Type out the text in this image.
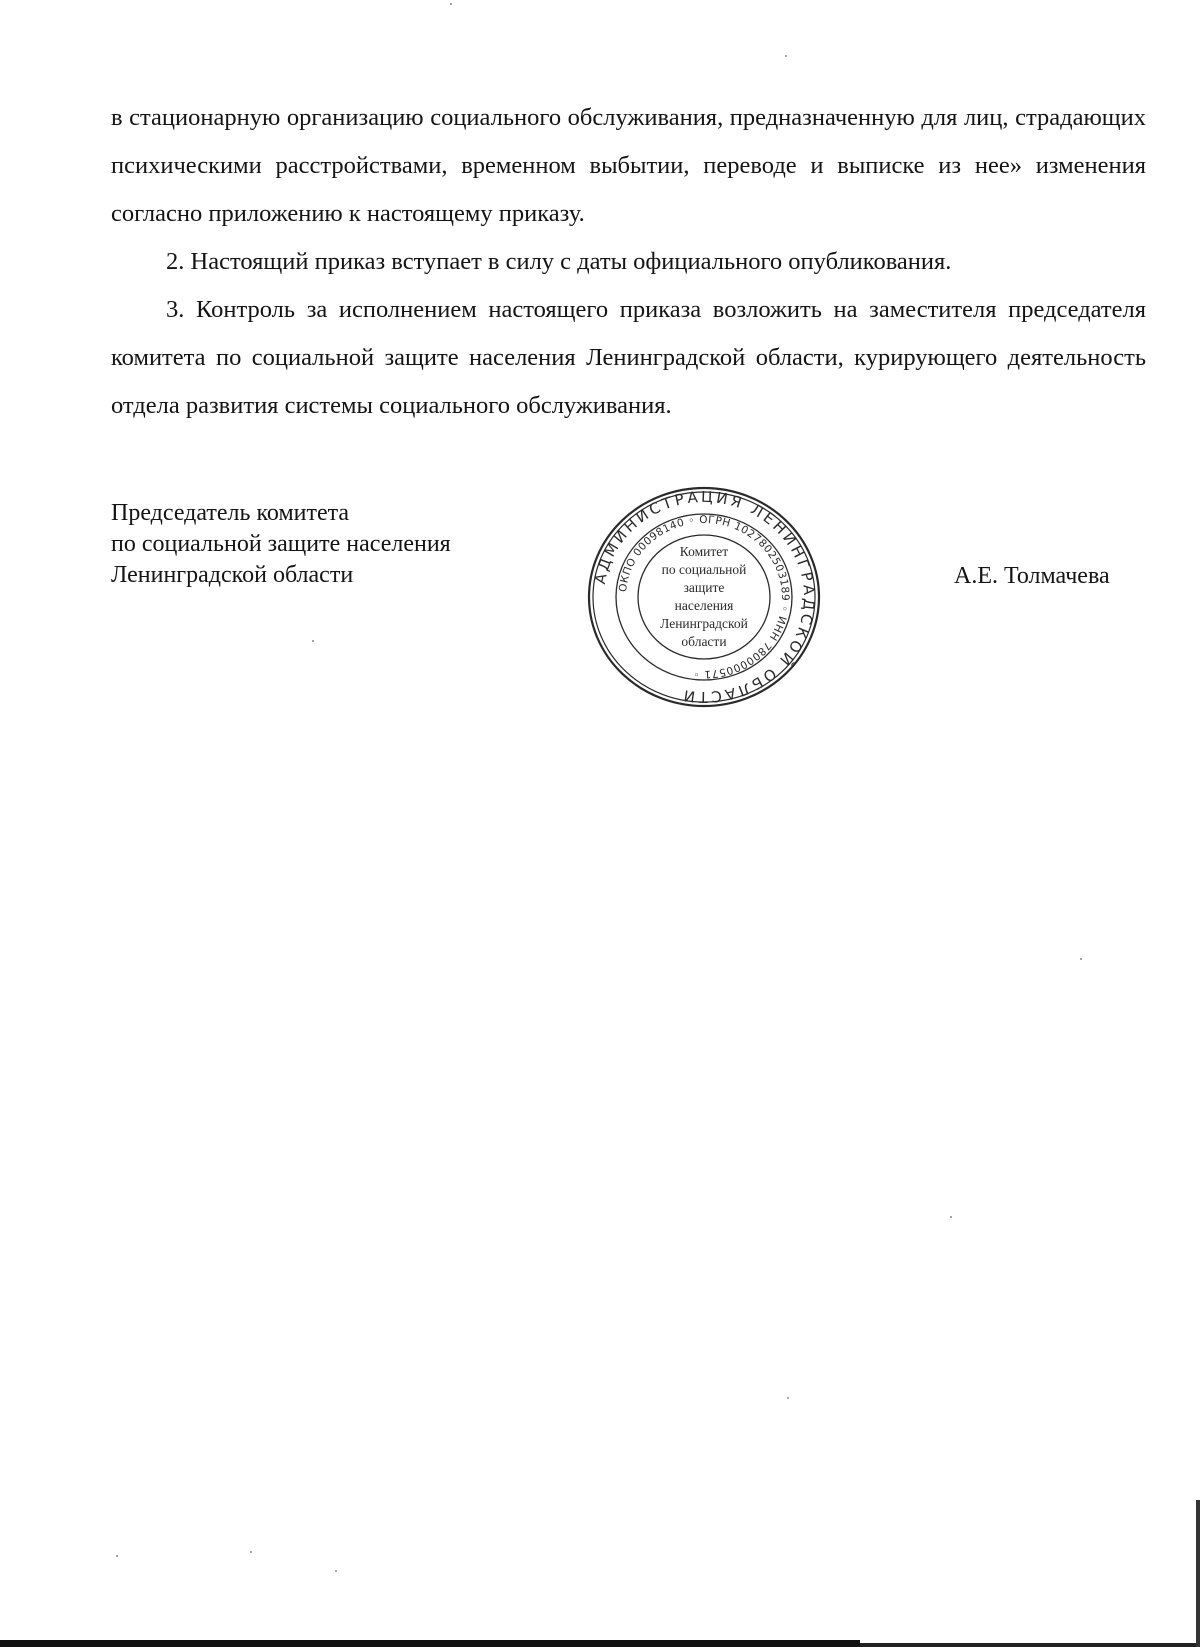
в стационарную организацию социального обслуживания, предназначенную для лиц, страдающих психическими расстройствами, временном выбытии, переводе и выписке из нее» изменения согласно приложению к настоящему приказу.

2. Настоящий приказ вступает в силу с даты официального опубликования.

3. Контроль за исполнением настоящего приказа возложить на заместителя председателя комитета по социальной защите населения Ленинградской области, курирующего деятельность отдела развития системы социального обслуживания.

Председатель комитета
по социальной защите населения
Ленинградской области	АДМИНИСТРАЦИЯ ЛЕНИНГРАДСКОЙ ОБЛАСТИ
ОКПО 00098140 ◦ ОГРН 1027802503189 ◦ ИНН 7800000571 ◦
Комитет
по социальной
защите
населения
Ленинградской
области
А.Е. Толмачева
